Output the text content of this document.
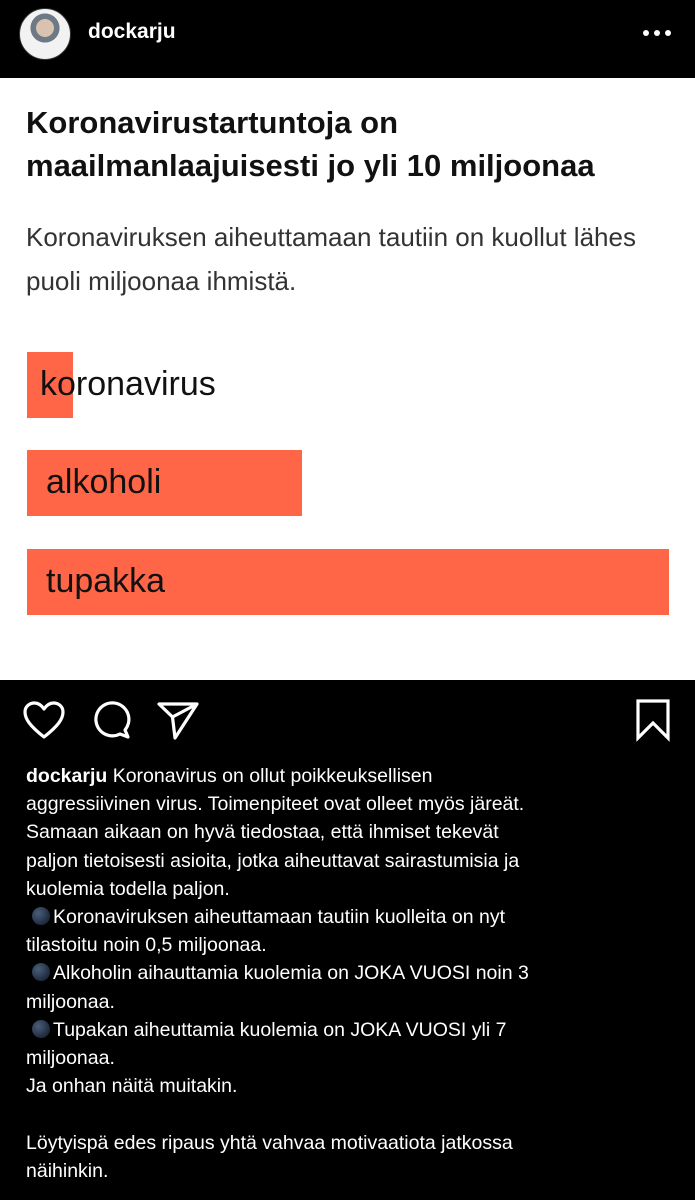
dockarju
Koronavirustartuntoja on maailmanlaajuisesti jo yli 10 miljoonaa
Koronaviruksen aiheuttamaan tautiin on kuollut lähes puoli miljoonaa ihmistä.
koronavirus
alkoholi
tupakka
dockarju Koronavirus on ollut poikkeuksellisen
aggressiivinen virus. Toimenpiteet ovat olleet myös järeät.
Samaan aikaan on hyvä tiedostaa, että ihmiset tekevät
paljon tietoisesti asioita, jotka aiheuttavat sairastumisia ja
kuolemia todella paljon.
Koronaviruksen aiheuttamaan tautiin kuolleita on nyt
tilastoitu noin 0,5 miljoonaa.
Alkoholin aihauttamia kuolemia on JOKA VUOSI noin 3
miljoonaa.
Tupakan aiheuttamia kuolemia on JOKA VUOSI yli 7
miljoonaa.
Ja onhan näitä muitakin.
Löytyispä edes ripaus yhtä vahvaa motivaatiota jatkossa
näihinkin.
